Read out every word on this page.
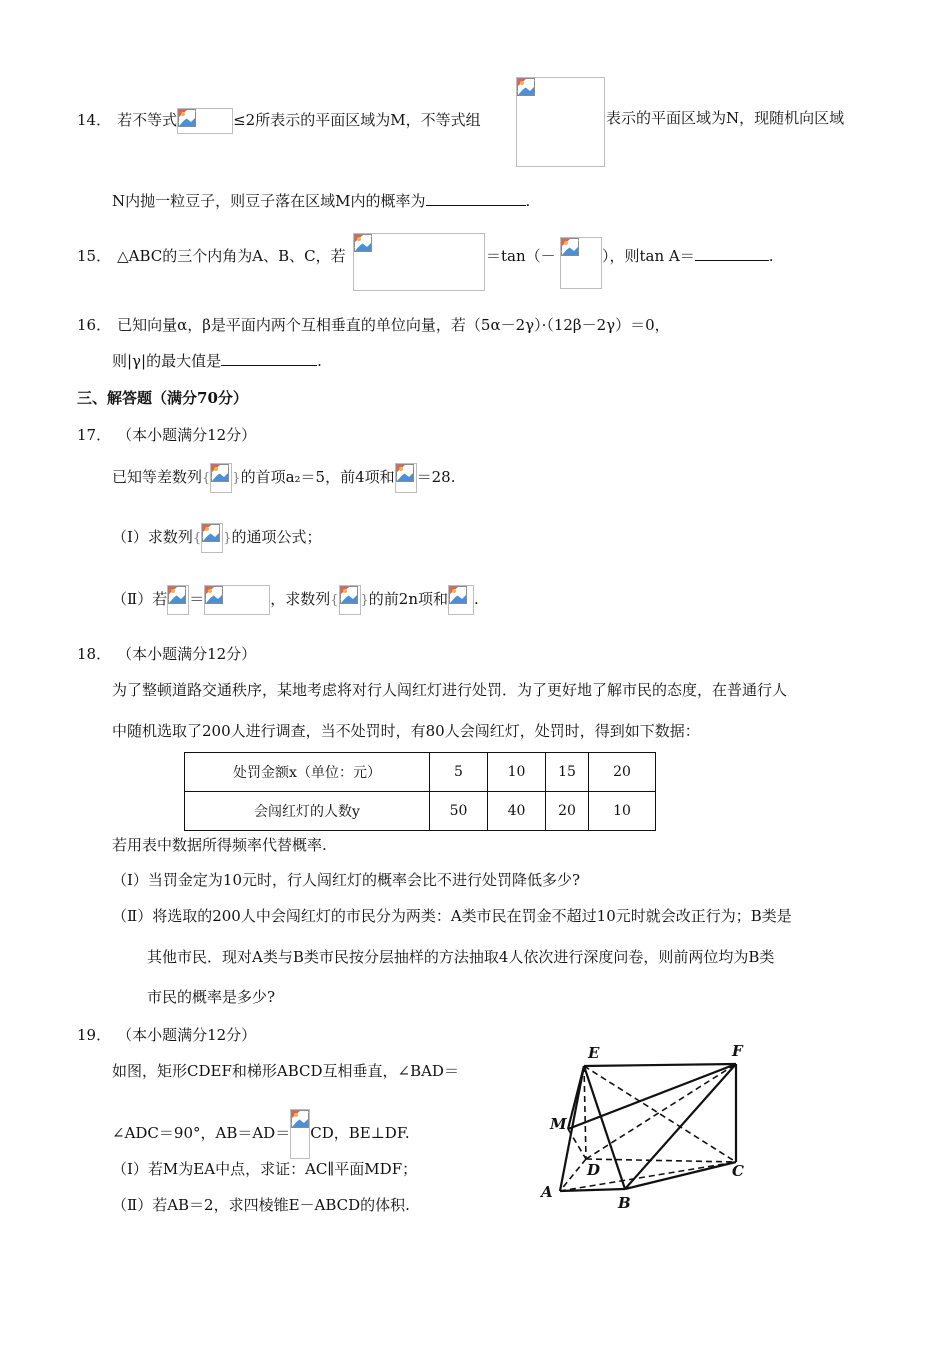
14． 若不等式	≤2所表示的平面区域为M，不等式组	表示的平面区域为N，现随机向区域
N内抛一粒豆子，则豆子落在区域M内的概率为	.
15． △ABC的三个内角为A、B、C，若	＝tan（－	），则tan A＝	.
16． 已知向量α，β是平面内两个互相垂直的单位向量，若（5α－2γ）·（12β－2γ）＝0，
则|γ|的最大值是	.
三、解答题（满分70分）
17． （本小题满分12分）
已知等差数列{ }的首项a₂＝5，前4项和 ＝28.
（Ⅰ）求数列{ }的通项公式；
（Ⅱ）若 ＝	，求数列{ }的前2n项和 .
18． （本小题满分12分）
为了整顿道路交通秩序，某地考虑将对行人闯红灯进行处罚．为了更好地了解市民的态度，在普通行人
中随机选取了200人进行调查，当不处罚时，有80人会闯红灯，处罚时，得到如下数据：
处罚金额x（单位：元）	5	10	15	20
会闯红灯的人数y	50	40	20	10
若用表中数据所得频率代替概率.
（Ⅰ）当罚金定为10元时，行人闯红灯的概率会比不进行处罚降低多少?
（Ⅱ）将选取的200人中会闯红灯的市民分为两类：A类市民在罚金不超过10元时就会改正行为；B类是
其他市民．现对A类与B类市民按分层抽样的方法抽取4人依次进行深度问卷，则前两位均为B类
市民的概率是多少?
19． （本小题满分12分）
如图，矩形CDEF和梯形ABCD互相垂直，∠BAD＝
∠ADC＝90°，AB＝AD＝ CD，BE⊥DF.
（Ⅰ）若M为EA中点，求证：AC∥平面MDF；
（Ⅱ）若AB＝2，求四棱锥E－ABCD的体积.
E	F
M
D	C
A
B
